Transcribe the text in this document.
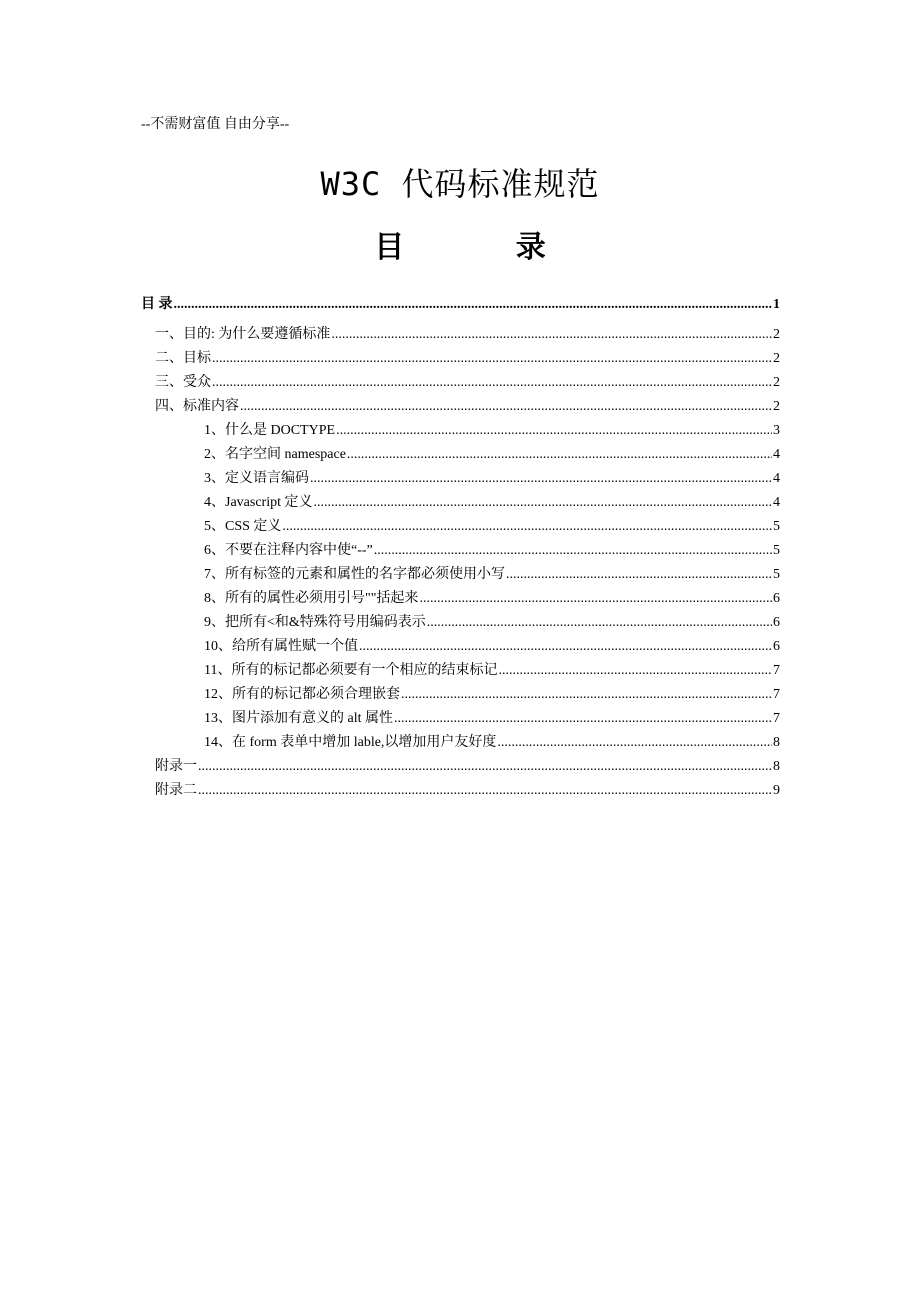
--不需财富值 自由分享--
W3C 代码标准规范
目 录
目 录 .....	1
一、目的: 为什么要遵循标准 .....	2
二、目标 .....	2
三、受众 .....	2
四、标准内容 .....	2
1、什么是 DOCTYPE .....	3
2、名字空间 namespace .....	4
3、定义语言编码 .....	4
4、Javascript 定义 .....	4
5、CSS 定义 .....	5
6、不要在注释内容中使“--” .....	5
7、所有标签的元素和属性的名字都必须使用小写 .....	5
8、所有的属性必须用引号""括起来 .....	6
9、把所有<和&特殊符号用编码表示 .....	6
10、给所有属性赋一个值 .....	6
11、所有的标记都必须要有一个相应的结束标记 .....	7
12、所有的标记都必须合理嵌套 .....	7
13、图片添加有意义的 alt 属性 .....	7
14、在 form 表单中增加 lable,以增加用户友好度 .....	8
附录一 .....	8
附录二 .....	9
